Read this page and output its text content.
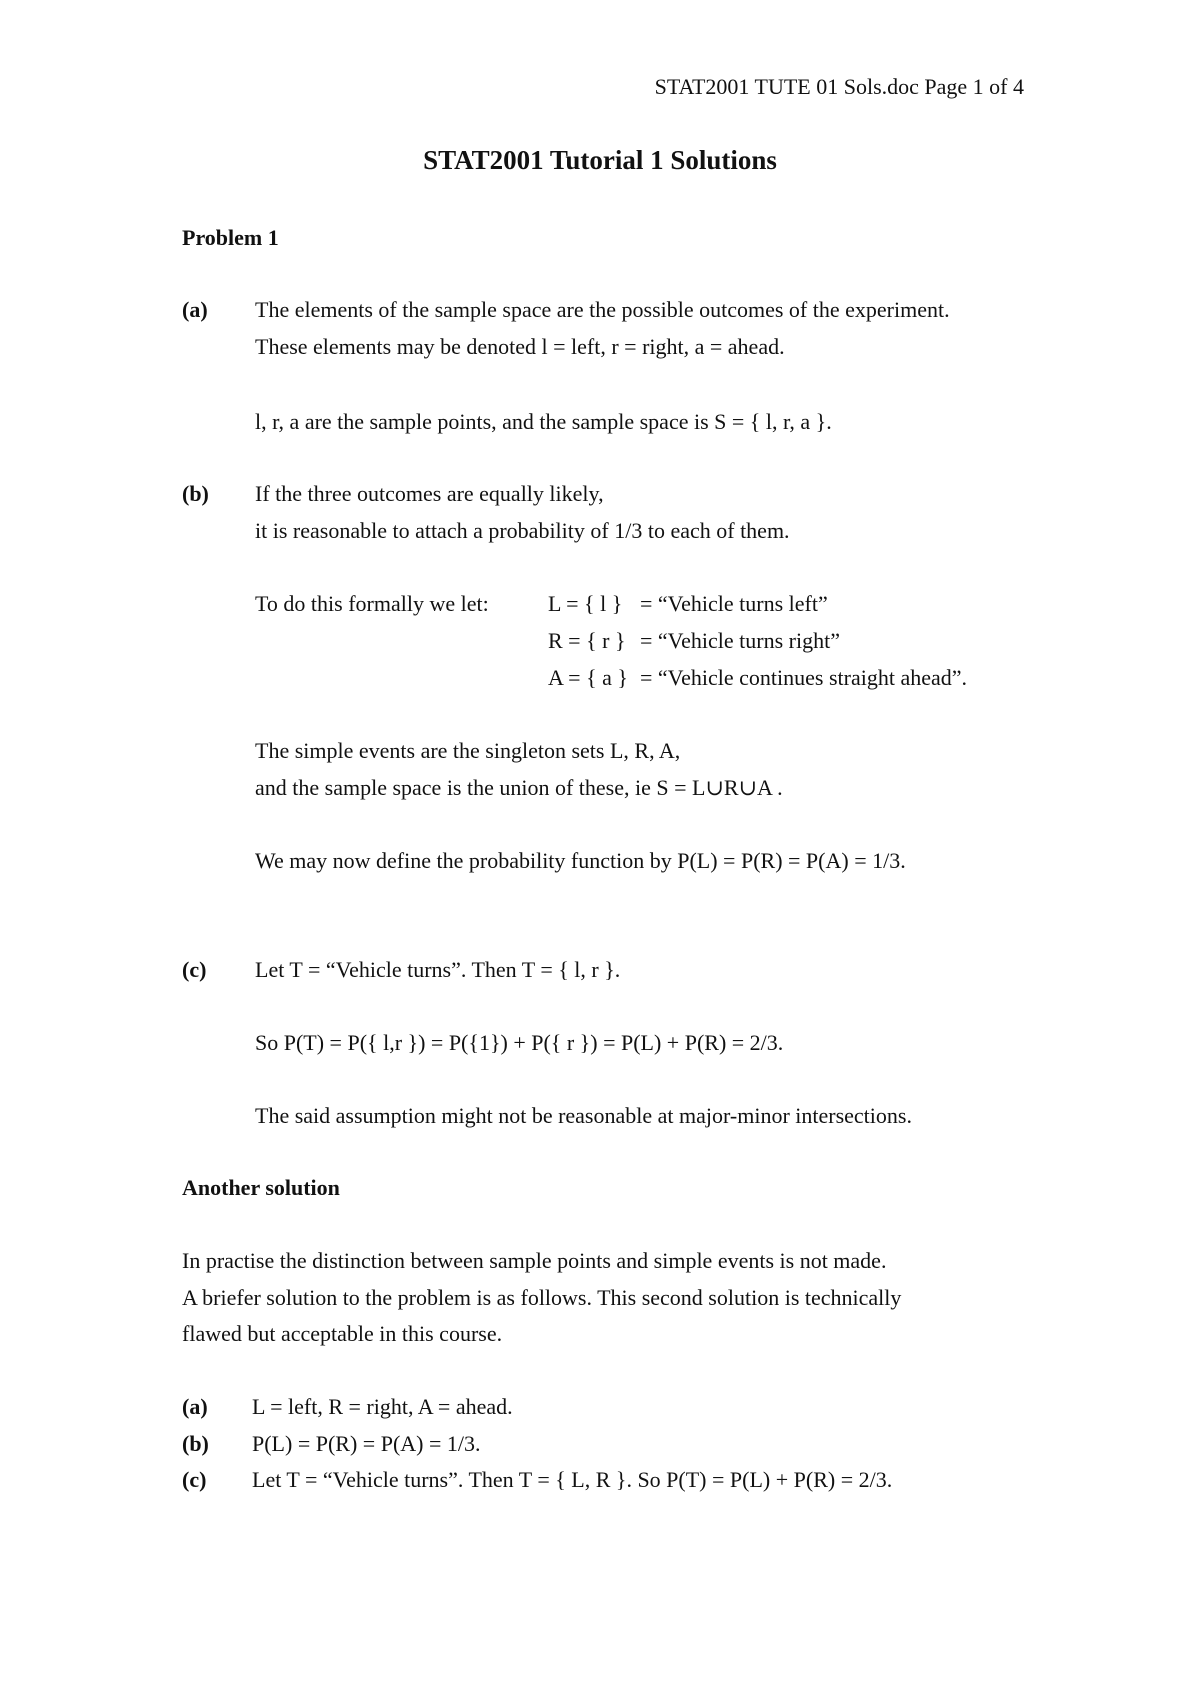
STAT2001 TUTE 01 Sols.doc Page 1 of 4
STAT2001 Tutorial 1 Solutions
Problem 1
(a) The elements of the sample space are the possible outcomes of the experiment.
These elements may be denoted l = left, r = right, a = ahead.
l, r, a are the sample points, and the sample space is S = { l, r, a }.
(b) If the three outcomes are equally likely,
it is reasonable to attach a probability of 1/3 to each of them.
To do this formally we let:	L = { l } = “Vehicle turns left”
R = { r } = “Vehicle turns right”
A = { a } = “Vehicle continues straight ahead”.
The simple events are the singleton sets L, R, A,
and the sample space is the union of these, ie S = L∪R∪A .
We may now define the probability function by P(L) = P(R) = P(A) = 1/3.
(c) Let T = “Vehicle turns”. Then T = { l, r }.
So P(T) = P({ l,r }) = P({1}) + P({ r }) = P(L) + P(R) = 2/3.
The said assumption might not be reasonable at major-minor intersections.
Another solution
In practise the distinction between sample points and simple events is not made.
A briefer solution to the problem is as follows. This second solution is technically
flawed but acceptable in this course.
(a) L = left, R = right, A = ahead.
(b) P(L) = P(R) = P(A) = 1/3.
(c) Let T = “Vehicle turns”. Then T = { L, R }. So P(T) = P(L) + P(R) = 2/3.
